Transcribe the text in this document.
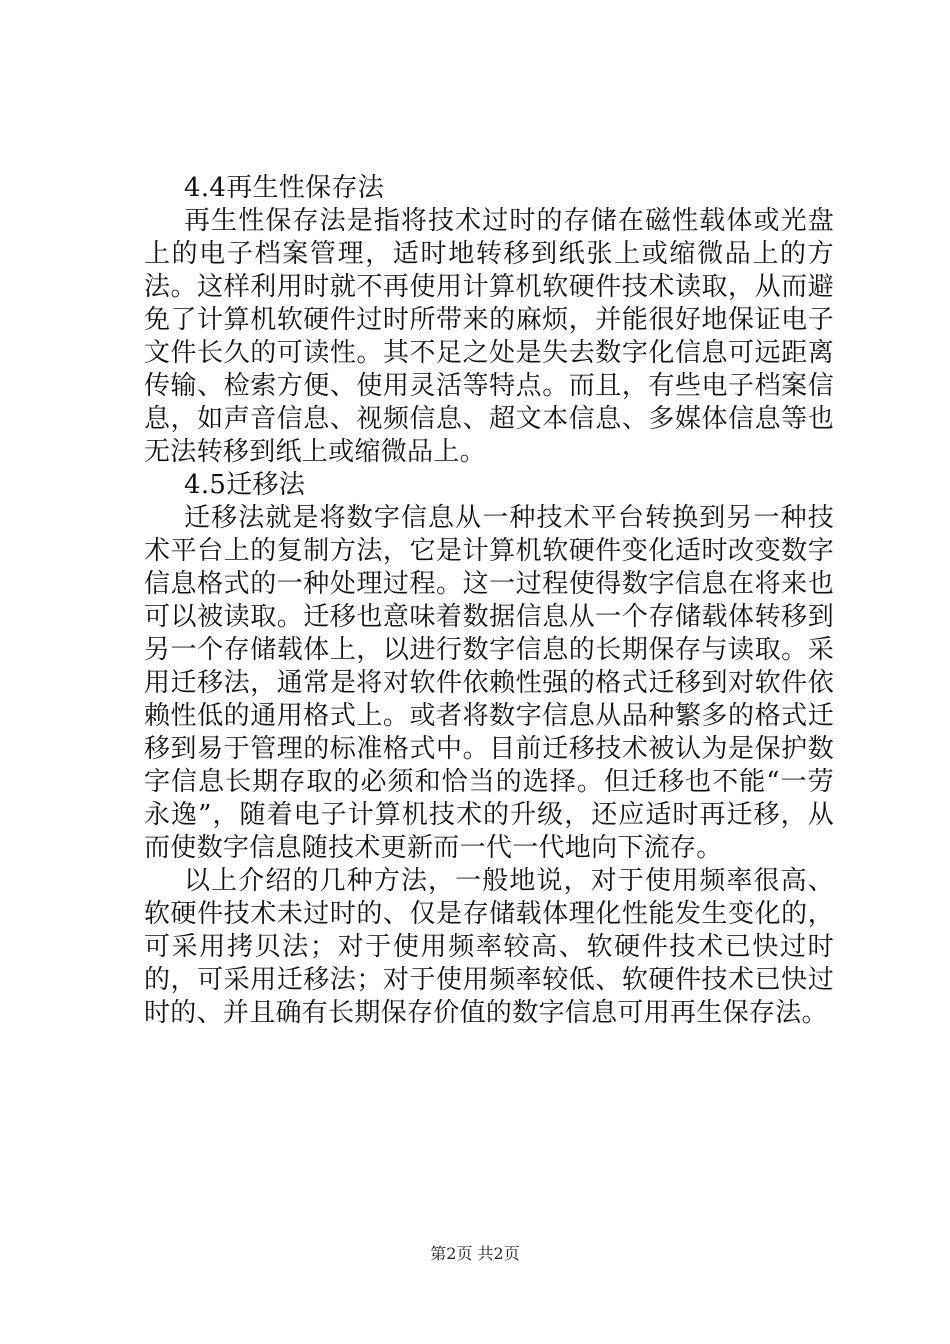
4.4再生性保存法

再生性保存法是指将技术过时的存储在磁性载体或光盘上的电子档案管理，适时地转移到纸张上或缩微品上的方法。这样利用时就不再使用计算机软硬件技术读取，从而避免了计算机软硬件过时所带来的麻烦，并能很好地保证电子文件长久的可读性。其不足之处是失去数字化信息可远距离传输、检索方便、使用灵活等特点。而且，有些电子档案信息，如声音信息、视频信息、超文本信息、多媒体信息等也无法转移到纸上或缩微品上。

4.5迁移法

迁移法就是将数字信息从一种技术平台转换到另一种技术平台上的复制方法，它是计算机软硬件变化适时改变数字信息格式的一种处理过程。这一过程使得数字信息在将来也可以被读取。迁移也意味着数据信息从一个存储载体转移到另一个存储载体上，以进行数字信息的长期保存与读取。采用迁移法，通常是将对软件依赖性强的格式迁移到对软件依赖性低的通用格式上。或者将数字信息从品种繁多的格式迁移到易于管理的标准格式中。目前迁移技术被认为是保护数字信息长期存取的必须和恰当的选择。但迁移也不能“一劳永逸”，随着电子计算机技术的升级，还应适时再迁移，从而使数字信息随技术更新而一代一代地向下流存。

以上介绍的几种方法，一般地说，对于使用频率很高、软硬件技术未过时的、仅是存储载体理化性能发生变化的，可采用拷贝法；对于使用频率较高、软硬件技术已快过时的，可采用迁移法；对于使用频率较低、软硬件技术已快过时的、并且确有长期保存价值的数字信息可用再生保存法。

第2页 共2页
